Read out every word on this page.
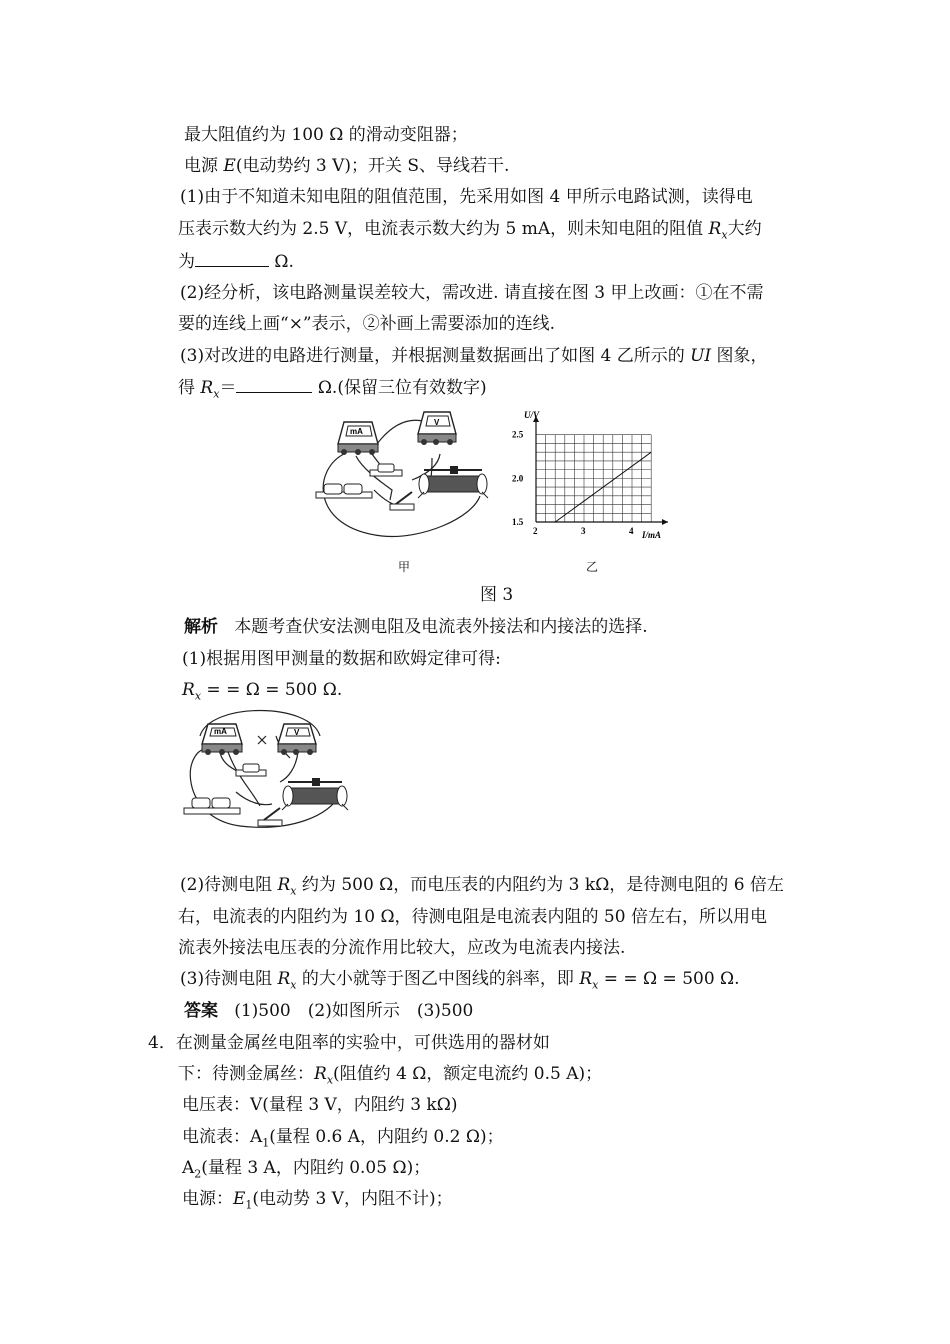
最大阻值约为 100 Ω 的滑动变阻器；
电源 E(电动势约 3 V)；开关 S、导线若干.
(1)由于不知道未知电阻的阻值范围，先采用如图 4 甲所示电路试测，读得电
压表示数大约为 2.5 V，电流表示数大约为 5 mA，则未知电阻的阻值 $R_x$大约
为	Ω.
(2)经分析，该电路测量误差较大，需改进. 请直接在图 3 甲上改画：①在不需
要的连线上画“×”表示，②补画上需要添加的连线.
(3)对改进的电路进行测量，并根据测量数据画出了如图 4 乙所示的 UI 图象，
得 $R_x=$	Ω.(保留三位有效数字)
mA
V
甲
2	3	4
1.5
2.0
2.5
U/V
I/mA
乙
图 3
解析 本题考查伏安法测电阻及电流表外接法和内接法的选择.
(1)根据用图甲测量的数据和欧姆定律可得:
$R_x$ = = Ω = 500 Ω.
mA	V
(2)待测电阻 $R_x$ 约为 500 Ω，而电压表的内阻约为 3 kΩ，是待测电阻的 6 倍左
右，电流表的内阻约为 10 Ω，待测电阻是电流表内阻的 50 倍左右，所以用电
流表外接法电压表的分流作用比较大，应改为电流表内接法.
(3)待测电阻 $R_x$ 的大小就等于图乙中图线的斜率，即 $R_x$ = = Ω = 500 Ω.
答案 (1)500　(2)如图所示　(3)500
4．在测量金属丝电阻率的实验中，可供选用的器材如
下：待测金属丝：$R_x$(阻值约 4 Ω，额定电流约 0.5 A)；
电压表：V(量程 3 V，内阻约 3 kΩ)
电流表：$A_1$(量程 0.6 A，内阻约 0.2 Ω)；
$A_2$(量程 3 A，内阻约 0.05 Ω)；
电源：$E_1$(电动势 3 V，内阻不计)；
